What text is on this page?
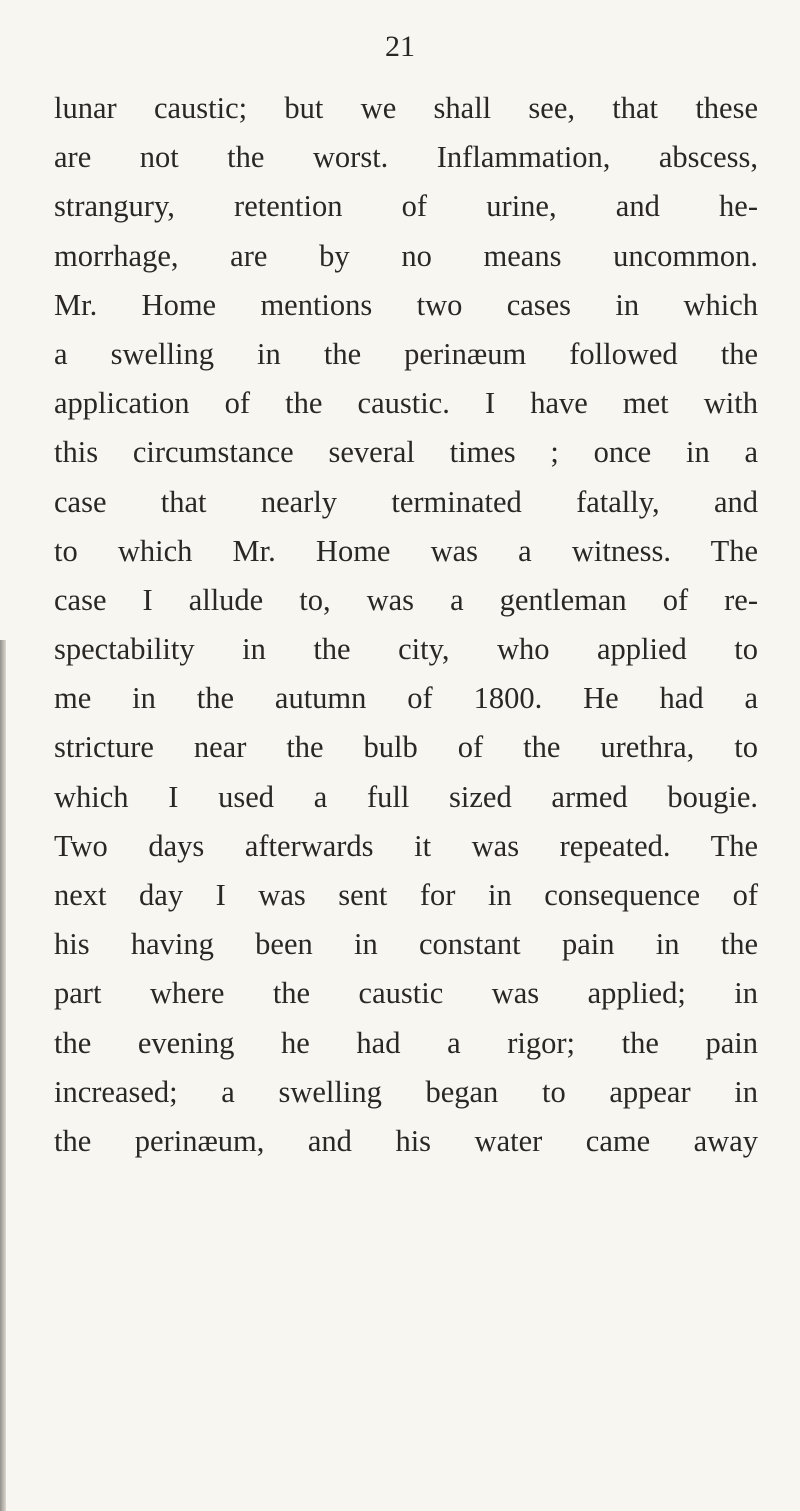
21
lunar caustic; but we shall see, that these
are not the worst. Inflammation, abscess,
strangury, retention of urine, and he-
morrhage, are by no means uncommon.
Mr. Home mentions two cases in which
a swelling in the perinæum followed the
application of the caustic. I have met with
this circumstance several times ; once in a
case that nearly terminated fatally, and
to which Mr. Home was a witness. The
case I allude to, was a gentleman of re-
spectability in the city, who applied to
me in the autumn of 1800. He had a
stricture near the bulb of the urethra, to
which I used a full sized armed bougie.
Two days afterwards it was repeated. The
next day I was sent for in consequence of
his having been in constant pain in the
part where the caustic was applied; in
the evening he had a rigor; the pain
increased; a swelling began to appear in
the perinæum, and his water came away
